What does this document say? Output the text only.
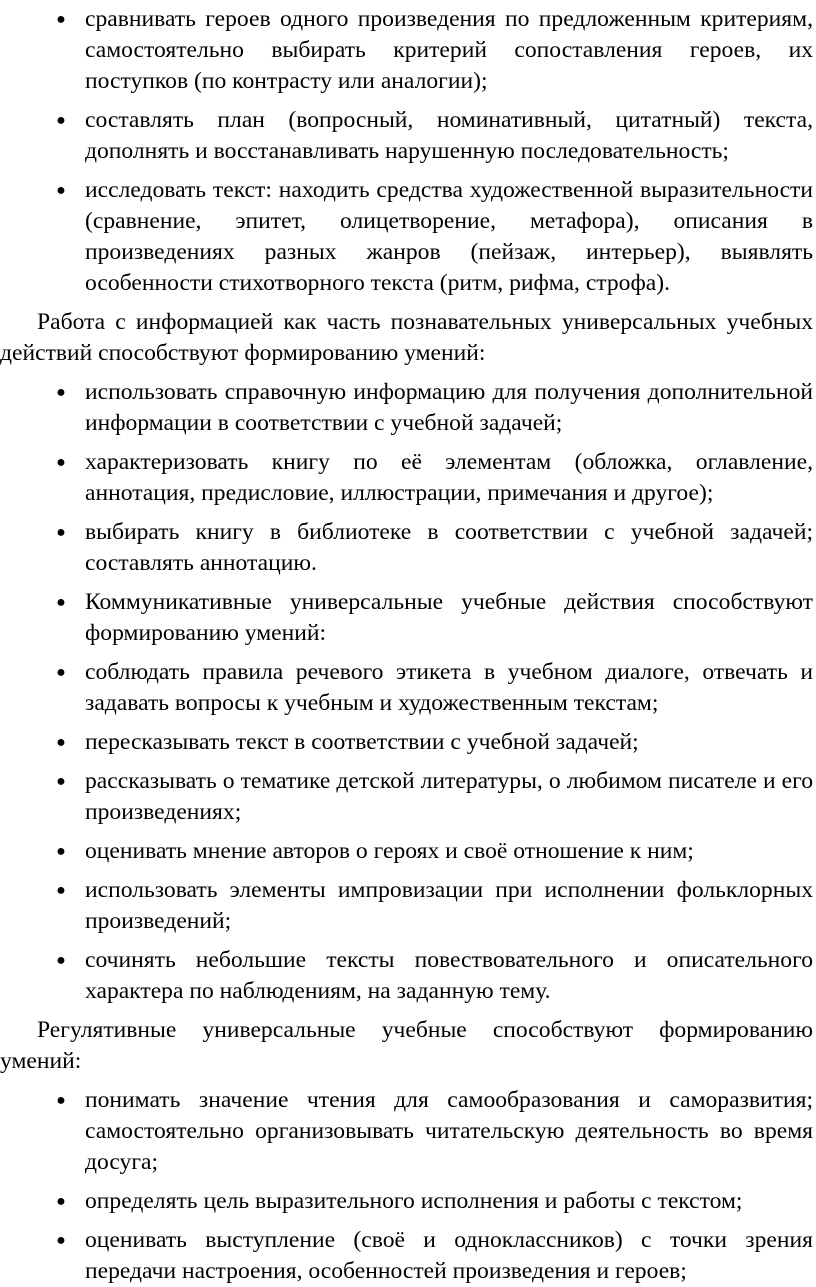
● сравнивать героев одного произведения по предложенным критериям, самостоятельно выбирать критерий сопоставления героев, их поступков (по контрасту или аналогии);
● составлять план (вопросный, номинативный, цитатный) текста, дополнять и восстанавливать нарушенную последовательность;
● исследовать текст: находить средства художественной выразительности (сравнение, эпитет, олицетворение, метафора), описания в произведениях разных жанров (пейзаж, интерьер), выявлять особенности стихотворного текста (ритм, рифма, строфа).

Работа с информацией как часть познавательных универсальных учебных действий способствуют формированию умений:

● использовать справочную информацию для получения дополнительной информации в соответствии с учебной задачей;
● характеризовать книгу по её элементам (обложка, оглавление, аннотация, предисловие, иллюстрации, примечания и другое);
● выбирать книгу в библиотеке в соответствии с учебной задачей; составлять аннотацию.
● Коммуникативные универсальные учебные действия способствуют формированию умений:
● соблюдать правила речевого этикета в учебном диалоге, отвечать и задавать вопросы к учебным и художественным текстам;
● пересказывать текст в соответствии с учебной задачей;
● рассказывать о тематике детской литературы, о любимом писателе и его произведениях;
● оценивать мнение авторов о героях и своё отношение к ним;
● использовать элементы импровизации при исполнении фольклорных произведений;
● сочинять небольшие тексты повествовательного и описательного характера по наблюдениям, на заданную тему.

Регулятивные универсальные учебные способствуют формированию умений:

● понимать значение чтения для самообразования и саморазвития; самостоятельно организовывать читательскую деятельность во время досуга;
● определять цель выразительного исполнения и работы с текстом;
● оценивать выступление (своё и одноклассников) с точки зрения передачи настроения, особенностей произведения и героев;
